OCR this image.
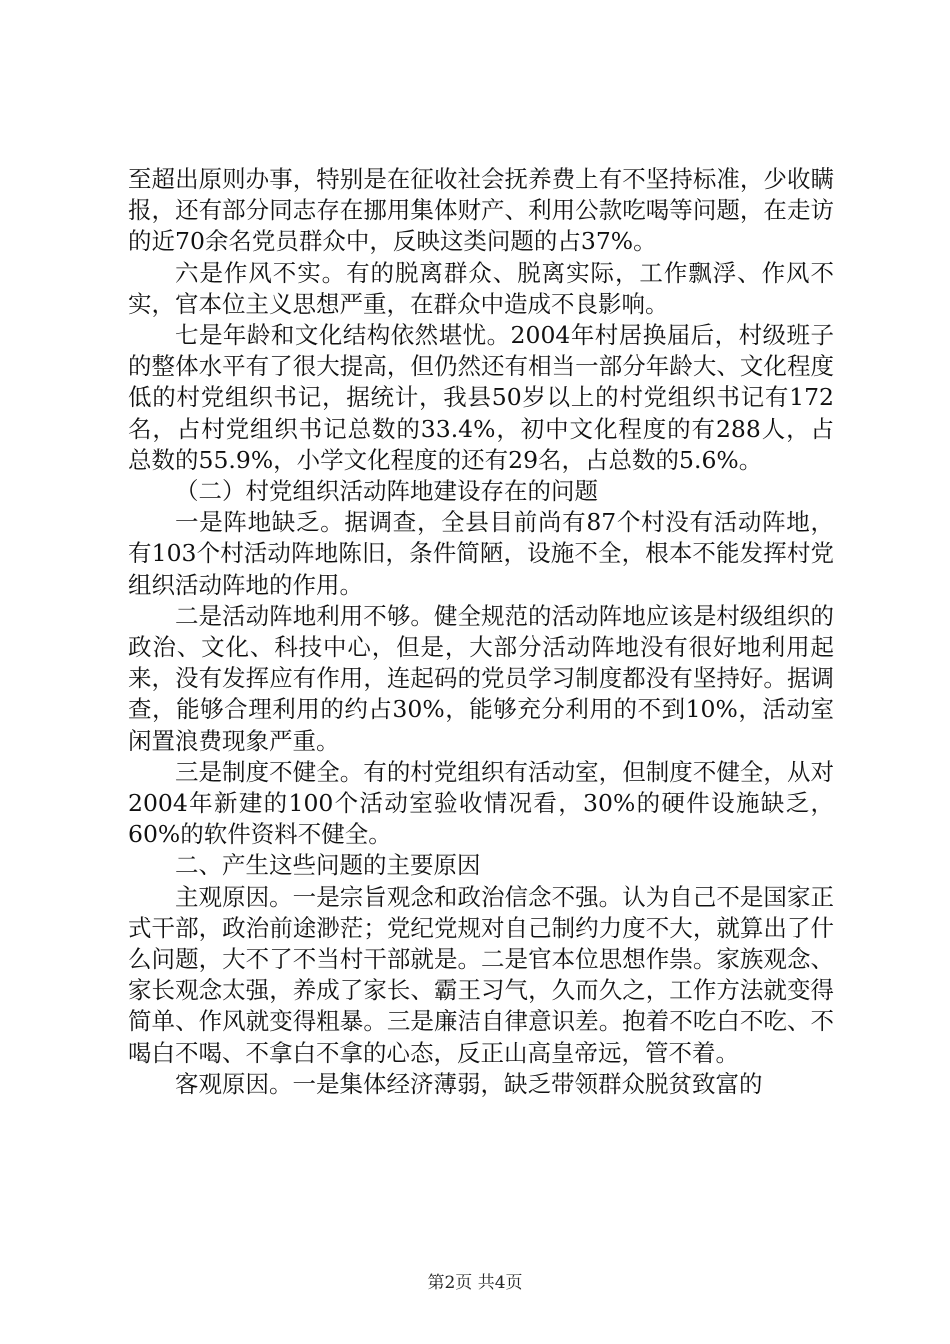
至超出原则办事，特别是在征收社会抚养费上有不坚持标准，少收瞒报，还有部分同志存在挪用集体财产、利用公款吃喝等问题，在走访的近70余名党员群众中，反映这类问题的占37%。

六是作风不实。有的脱离群众、脱离实际，工作飘浮、作风不实，官本位主义思想严重，在群众中造成不良影响。

七是年龄和文化结构依然堪忧。2004年村居换届后，村级班子的整体水平有了很大提高，但仍然还有相当一部分年龄大、文化程度低的村党组织书记，据统计，我县50岁以上的村党组织书记有172名，占村党组织书记总数的33.4%，初中文化程度的有288人，占总数的55.9%，小学文化程度的还有29名，占总数的5.6%。

（二）村党组织活动阵地建设存在的问题

一是阵地缺乏。据调查，全县目前尚有87个村没有活动阵地，有103个村活动阵地陈旧，条件简陋，设施不全，根本不能发挥村党组织活动阵地的作用。

二是活动阵地利用不够。健全规范的活动阵地应该是村级组织的政治、文化、科技中心，但是，大部分活动阵地没有很好地利用起来，没有发挥应有作用，连起码的党员学习制度都没有坚持好。据调查，能够合理利用的约占30%，能够充分利用的不到10%，活动室闲置浪费现象严重。

三是制度不健全。有的村党组织有活动室，但制度不健全，从对2004年新建的100个活动室验收情况看，30%的硬件设施缺乏，60%的软件资料不健全。

二、产生这些问题的主要原因

主观原因。一是宗旨观念和政治信念不强。认为自己不是国家正式干部，政治前途渺茫；党纪党规对自己制约力度不大，就算出了什么问题，大不了不当村干部就是。二是官本位思想作祟。家族观念、家长观念太强，养成了家长、霸王习气，久而久之，工作方法就变得简单、作风就变得粗暴。三是廉洁自律意识差。抱着不吃白不吃、不喝白不喝、不拿白不拿的心态，反正山高皇帝远，管不着。

客观原因。一是集体经济薄弱，缺乏带领群众脱贫致富的

第2页 共4页
